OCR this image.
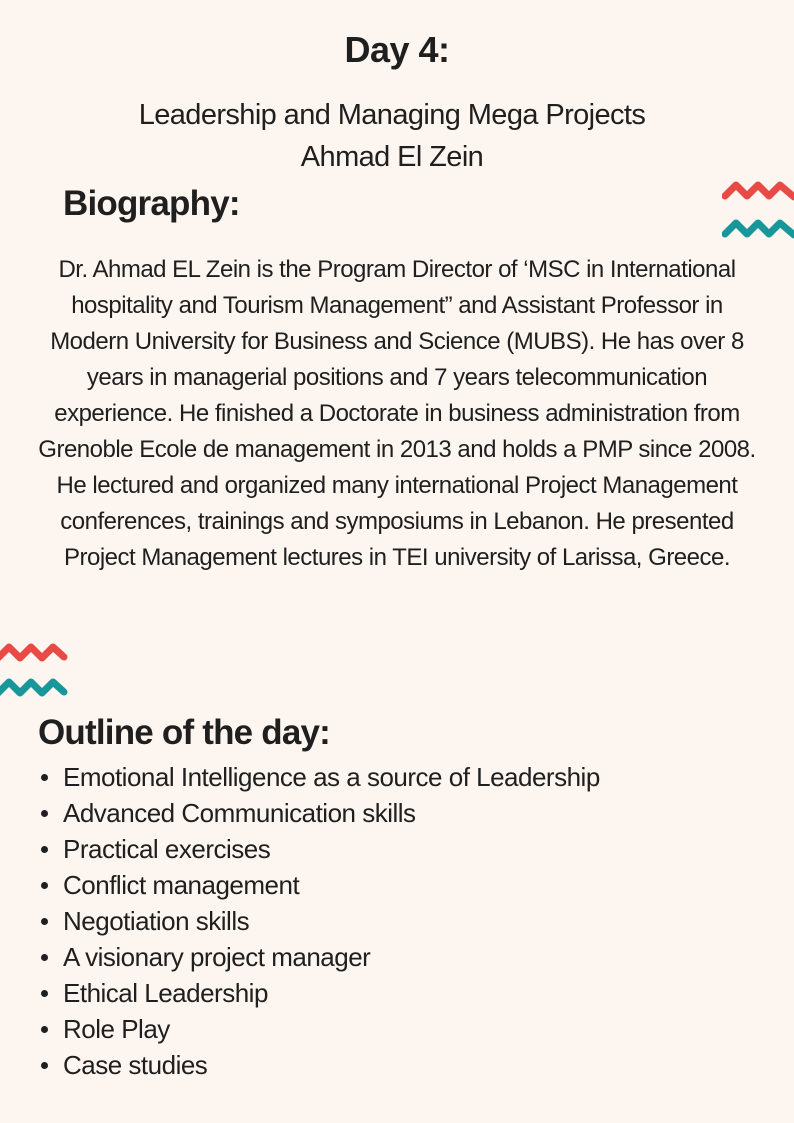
Day 4:
Leadership and Managing Mega Projects
Ahmad El Zein
Biography:
Dr. Ahmad EL Zein is the Program Director of ‘MSC in International hospitality and Tourism Management” and Assistant Professor in Modern University for Business and Science (MUBS). He has over 8 years in managerial positions and 7 years telecommunication experience. He finished a Doctorate in business administration from Grenoble Ecole de management in 2013 and holds a PMP since 2008. He lectured and organized many international Project Management conferences, trainings and symposiums in Lebanon. He presented Project Management lectures in TEI university of Larissa, Greece.
Outline of the day:
Emotional Intelligence as a source of Leadership
Advanced Communication skills
Practical exercises
Conflict management
Negotiation skills
A visionary project manager
Ethical Leadership
Role Play
Case studies
